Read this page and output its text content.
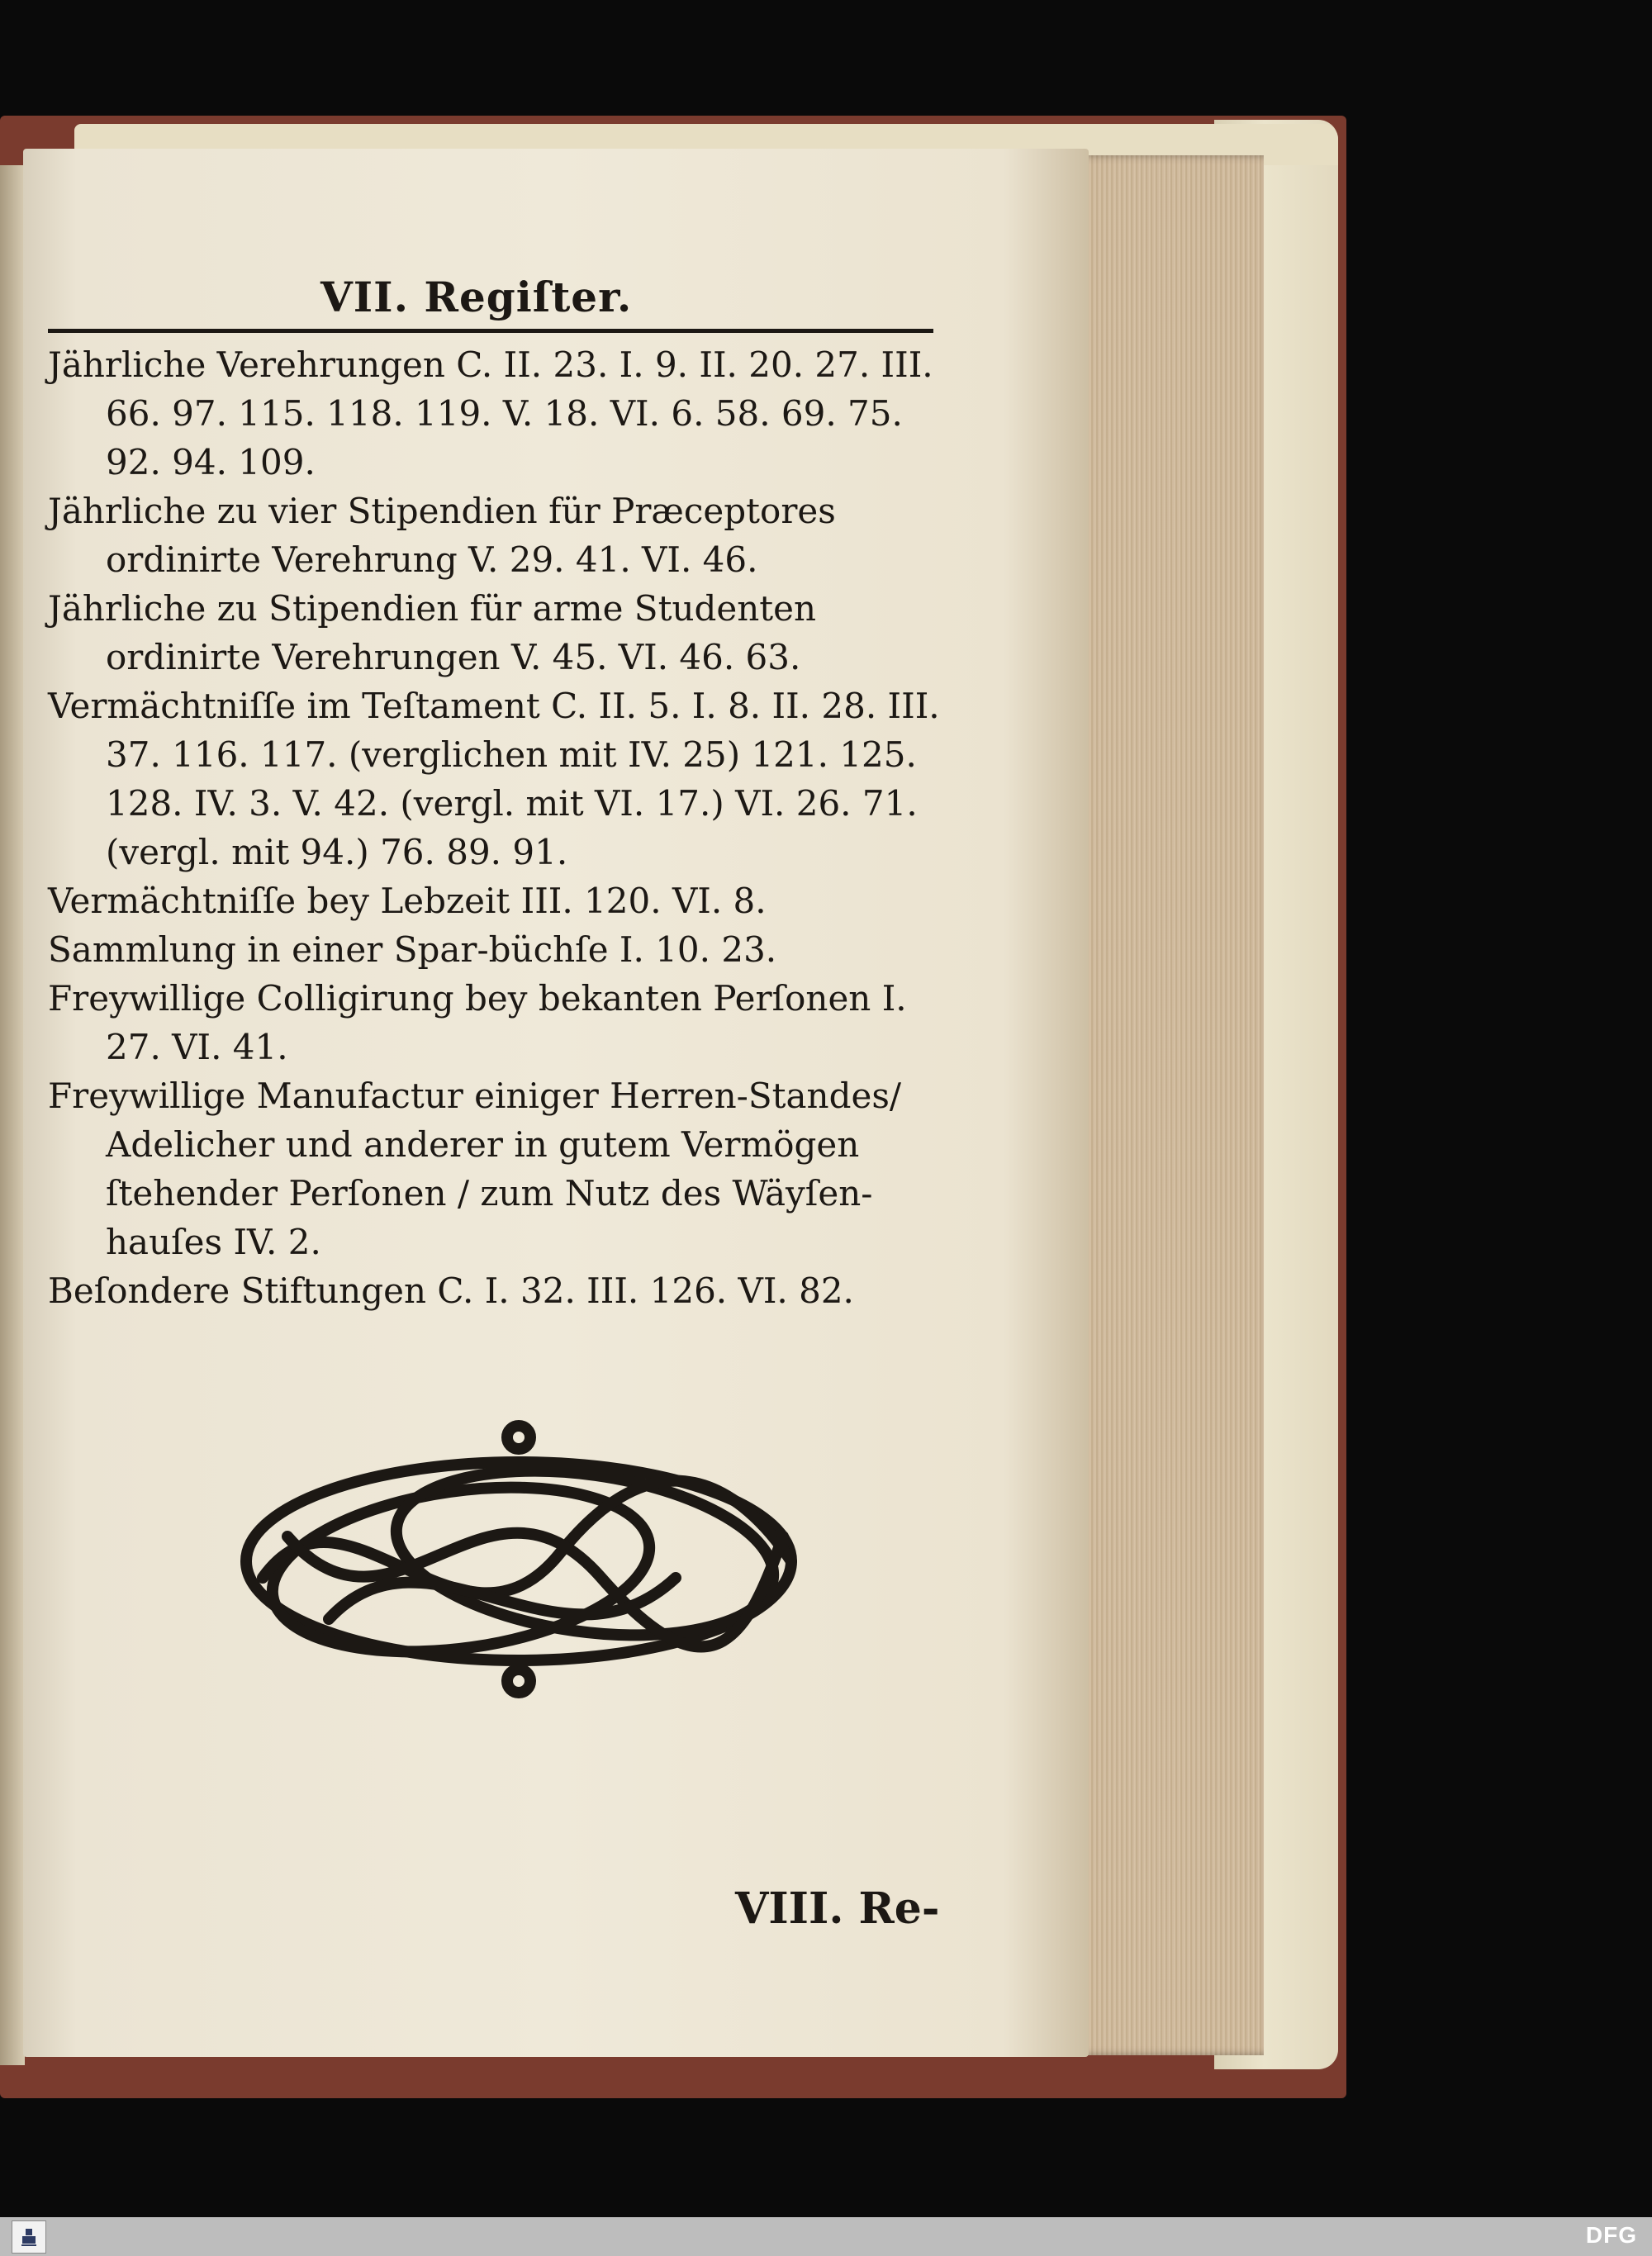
VII. Regiſter.

Jährliche Verehrungen C. II. 23. I. 9. II. 20. 27. III. 66. 97. 115. 118. 119. V. 18. VI. 6. 58. 69. 75. 92. 94. 109.

Jährliche zu vier Stipendien für Præceptores ordinirte Verehrung V. 29. 41. VI. 46.

Jährliche zu Stipendien für arme Studenten ordinirte Verehrungen V. 45. VI. 46. 63.

Vermächtniſſe im Teſtament C. II. 5. I. 8. II. 28. III. 37. 116. 117. (verglichen mit IV. 25) 121. 125. 128. IV. 3. V. 42. (vergl. mit VI. 17.) VI. 26. 71. (vergl. mit 94.) 76. 89. 91.

Vermächtniſſe bey Lebzeit III. 120. VI. 8.

Sammlung in einer Spar-büchſe I. 10. 23.

Freywillige Colligirung bey bekanten Perſonen I. 27. VI. 41.

Freywillige Manufactur einiger Herren-Standes/ Adelicher und anderer in gutem Vermögen ſtehender Perſonen / zum Nutz des Wäyſen-hauſes IV. 2.

Beſondere Stiftungen C. I. 32. III. 126. VI. 82.

VIII. Re-
DFG
